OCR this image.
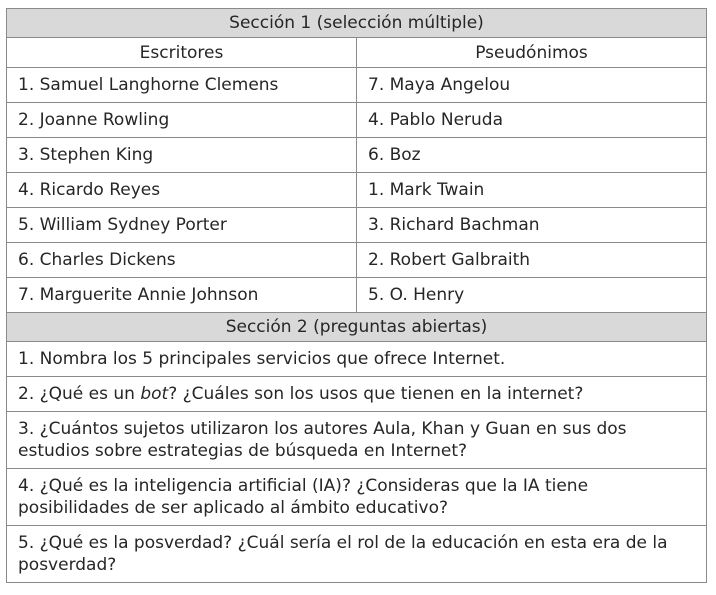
Sección 1 (selección múltiple)	
Escritores	Pseudónimos
1. Samuel Langhorne Clemens	7. Maya Angelou
2. Joanne Rowling	4. Pablo Neruda
3. Stephen King	6. Boz
4. Ricardo Reyes	1. Mark Twain
5. William Sydney Porter	3. Richard Bachman
6. Charles Dickens	2. Robert Galbraith
7. Marguerite Annie Johnson	5. O. Henry
Sección 2 (preguntas abiertas)	
1. Nombra los 5 principales servicios que ofrece Internet.	
2. ¿Qué es un bot? ¿Cuáles son los usos que tienen en la internet?	
3. ¿Cuántos sujetos utilizaron los autores Aula, Khan y Guan en sus dos estudios sobre estrategias de búsqueda en Internet?	
4. ¿Qué es la inteligencia artificial (IA)? ¿Consideras que la IA tiene posibilidades de ser aplicado al ámbito educativo?	
5. ¿Qué es la posverdad? ¿Cuál sería el rol de la educación en esta era de la posverdad?	
